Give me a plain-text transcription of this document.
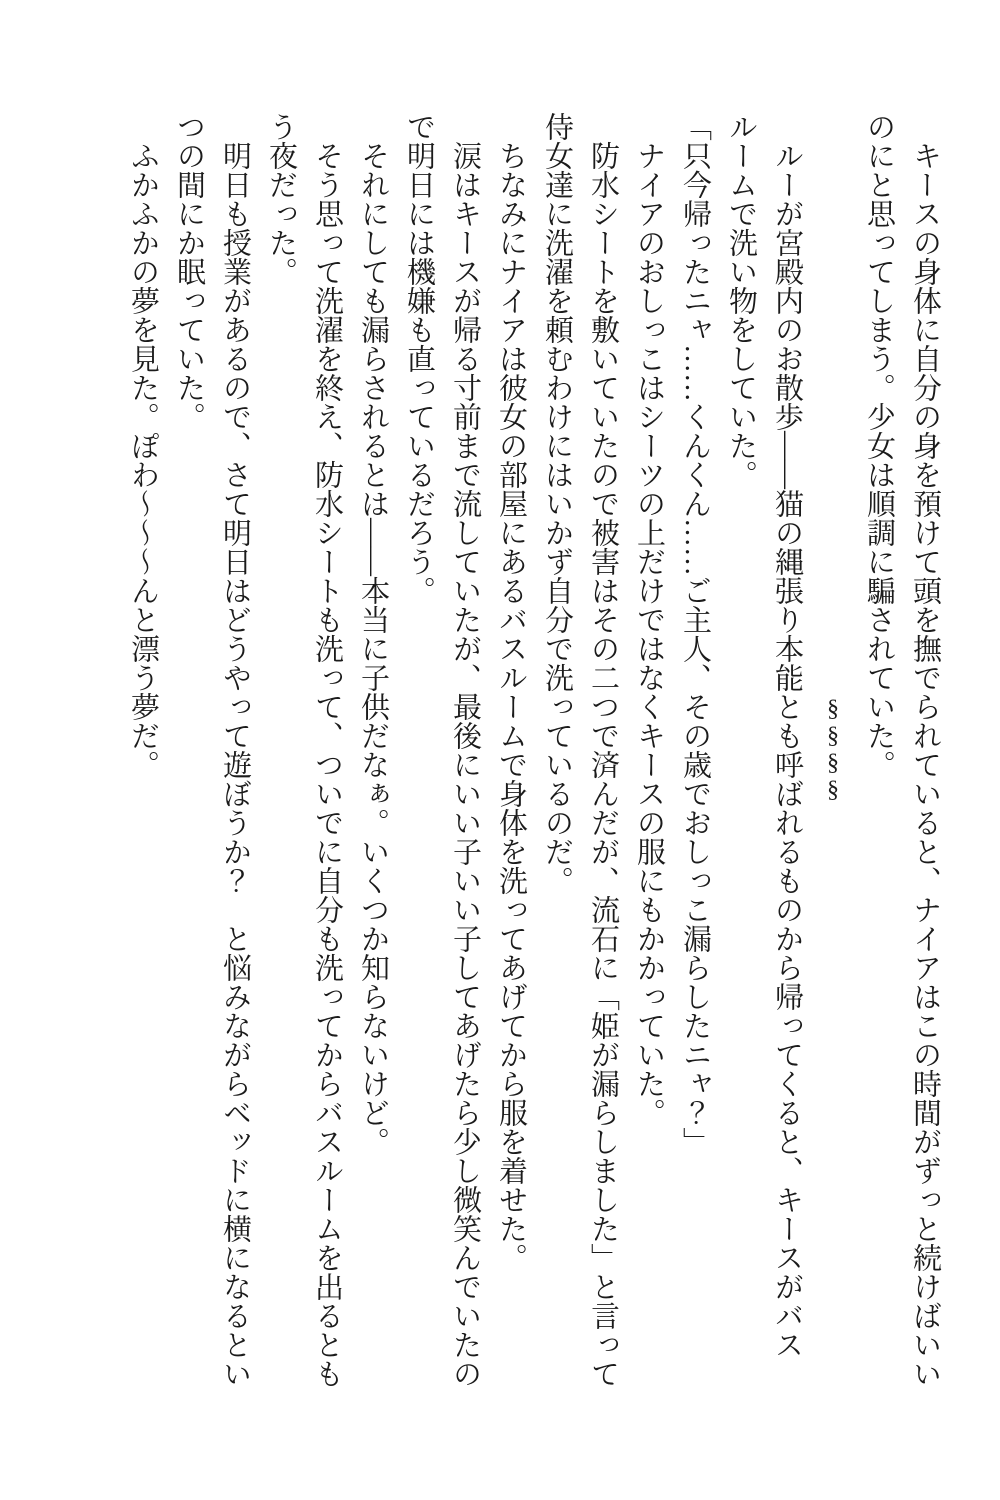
キースの身体に自分の身を預けて頭を撫でられていると、ナイアはこの時間がずっと続けばいいのにと思ってしまう。少女は順調に騙されていた。

§§§§

ルーが宮殿内のお散歩――猫の縄張り本能とも呼ばれるものから帰ってくると、キースがバスルームで洗い物をしていた。

「只今帰ったニャ……くんくん……ご主人、その歳でおしっこ漏らしたニャ？」

ナイアのおしっこはシーツの上だけではなくキースの服にもかかっていた。

防水シートを敷いていたので被害はその二つで済んだが、流石に「姫が漏らしました」と言って侍女達に洗濯を頼むわけにはいかず自分で洗っているのだ。

ちなみにナイアは彼女の部屋にあるバスルームで身体を洗ってあげてから服を着せた。

涙はキースが帰る寸前まで流していたが、最後にいい子いい子してあげたら少し微笑んでいたので明日には機嫌も直っているだろう。

それにしても漏らされるとは――本当に子供だなぁ。いくつか知らないけど。

そう思って洗濯を終え、防水シートも洗って、ついでに自分も洗ってからバスルームを出るともう夜だった。

明日も授業があるので、さて明日はどうやって遊ぼうか？　と悩みながらベッドに横になるといつの間にか眠っていた。

ふかふかの夢を見た。ぽわ～～～んと漂う夢だ。
